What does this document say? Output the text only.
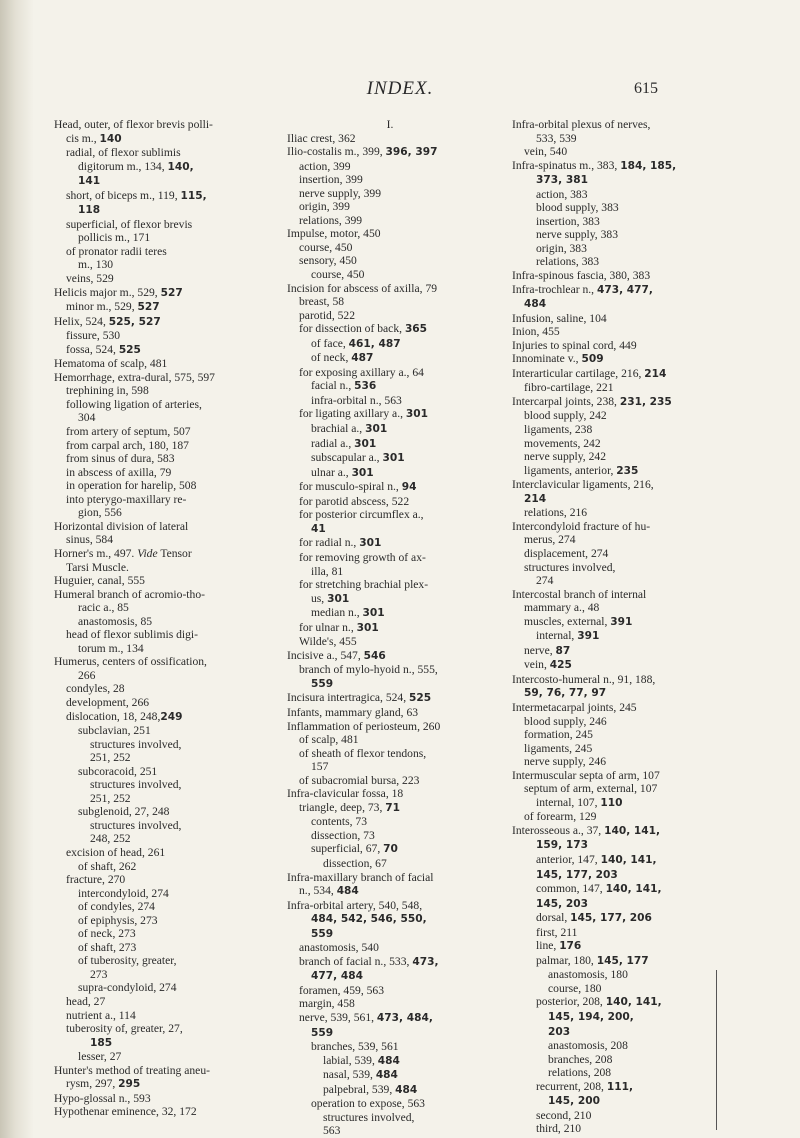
INDEX.	615
Head, outer, of flexor brevis polli-
cis m., 140
radial, of flexor sublimis
digitorum m., 134, 140,
141
short, of biceps m., 119, 115,
118
superficial, of flexor brevis
pollicis m., 171
of pronator radii teres
m., 130
veins, 529
Helicis major m., 529, 527
minor m., 529, 527
Helix, 524, 525, 527
fissure, 530
fossa, 524, 525
Hematoma of scalp, 481
Hemorrhage, extra-dural, 575, 597
trephining in, 598
following ligation of arteries,
304
from artery of septum, 507
from carpal arch, 180, 187
from sinus of dura, 583
in abscess of axilla, 79
in operation for harelip, 508
into pterygo-maxillary re-
gion, 556
Horizontal division of lateral
sinus, 584
Horner's m., 497. Vide Tensor
Tarsi Muscle.
Huguier, canal, 555
Humeral branch of acromio-tho-
racic a., 85
anastomosis, 85
head of flexor sublimis digi-
torum m., 134
Humerus, centers of ossification,
266
condyles, 28
development, 266
dislocation, 18, 248,249
subclavian, 251
structures involved,
251, 252
subcoracoid, 251
structures involved,
251, 252
subglenoid, 27, 248
structures involved,
248, 252
excision of head, 261
of shaft, 262
fracture, 270
intercondyloid, 274
of condyles, 274
of epiphysis, 273
of neck, 273
of shaft, 273
of tuberosity, greater,
273
supra-condyloid, 274
head, 27
nutrient a., 114
tuberosity of, greater, 27,
185
lesser, 27
Hunter's method of treating aneu-
rysm, 297, 295
Hypo-glossal n., 593
Hypothenar eminence, 32, 172
I.
Iliac crest, 362
Ilio-costalis m., 399, 396, 397
action, 399
insertion, 399
nerve supply, 399
origin, 399
relations, 399
Impulse, motor, 450
course, 450
sensory, 450
course, 450
Incision for abscess of axilla, 79
breast, 58
parotid, 522
for dissection of back, 365
of face, 461, 487
of neck, 487
for exposing axillary a., 64
facial n., 536
infra-orbital n., 563
for ligating axillary a., 301
brachial a., 301
radial a., 301
subscapular a., 301
ulnar a., 301
for musculo-spiral n., 94
for parotid abscess, 522
for posterior circumflex a.,
41
for radial n., 301
for removing growth of ax-
illa, 81
for stretching brachial plex-
us, 301
median n., 301
for ulnar n., 301
Wilde's, 455
Incisive a., 547, 546
branch of mylo-hyoid n., 555,
559
Incisura intertragica, 524, 525
Infants, mammary gland, 63
Inflammation of periosteum, 260
of scalp, 481
of sheath of flexor tendons,
157
of subacromial bursa, 223
Infra-clavicular fossa, 18
triangle, deep, 73, 71
contents, 73
dissection, 73
superficial, 67, 70
dissection, 67
Infra-maxillary branch of facial
n., 534, 484
Infra-orbital artery, 540, 548,
484, 542, 546, 550,
559
anastomosis, 540
branch of facial n., 533, 473,
477, 484
foramen, 459, 563
margin, 458
nerve, 539, 561, 473, 484,
559
branches, 539, 561
labial, 539, 484
nasal, 539, 484
palpebral, 539, 484
operation to expose, 563
structures involved,
563
Infra-orbital plexus of nerves,
533, 539
vein, 540
Infra-spinatus m., 383, 184, 185,
373, 381
action, 383
blood supply, 383
insertion, 383
nerve supply, 383
origin, 383
relations, 383
Infra-spinous fascia, 380, 383
Infra-trochlear n., 473, 477,
484
Infusion, saline, 104
Inion, 455
Injuries to spinal cord, 449
Innominate v., 509
Interarticular cartilage, 216, 214
fibro-cartilage, 221
Intercarpal joints, 238, 231, 235
blood supply, 242
ligaments, 238
movements, 242
nerve supply, 242
ligaments, anterior, 235
Interclavicular ligaments, 216,
214
relations, 216
Intercondyloid fracture of hu-
merus, 274
displacement, 274
structures involved,
274
Intercostal branch of internal
mammary a., 48
muscles, external, 391
internal, 391
nerve, 87
vein, 425
Intercosto-humeral n., 91, 188,
59, 76, 77, 97
Intermetacarpal joints, 245
blood supply, 246
formation, 245
ligaments, 245
nerve supply, 246
Intermuscular septa of arm, 107
septum of arm, external, 107
internal, 107, 110
of forearm, 129
Interosseous a., 37, 140, 141,
159, 173
anterior, 147, 140, 141,
145, 177, 203
common, 147, 140, 141,
145, 203
dorsal, 145, 177, 206
first, 211
line, 176
palmar, 180, 145, 177
anastomosis, 180
course, 180
posterior, 208, 140, 141,
145, 194, 200,
203
anastomosis, 208
branches, 208
relations, 208
recurrent, 208, 111,
145, 200
second, 210
third, 210
